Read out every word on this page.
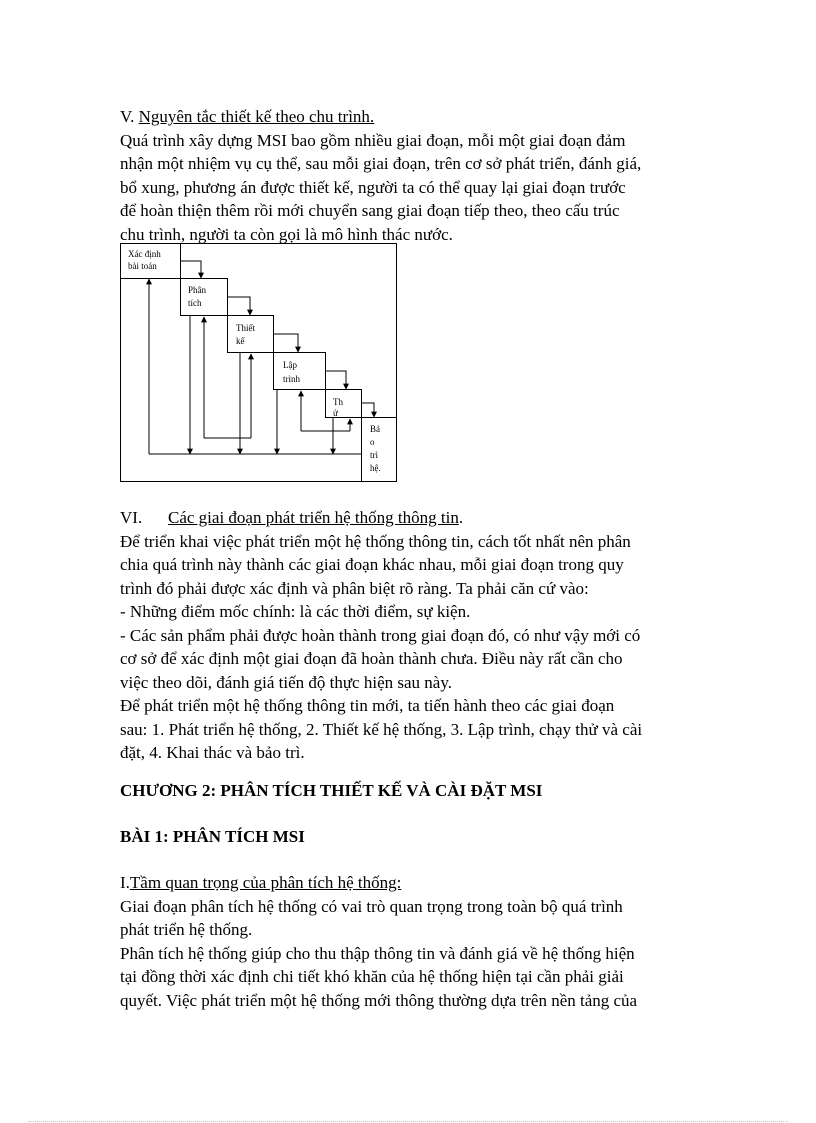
V. Nguyên tắc thiết kế theo chu trình.

Quá trình xây dựng MSI bao gồm nhiều giai đoạn, mỗi một giai đoạn đảm

nhận một nhiệm vụ cụ thể, sau mỗi giai đoạn, trên cơ sở phát triển, đánh giá,

bổ xung, phương án được thiết kế, người ta có thể quay lại giai đoạn trước

để hoàn thiện thêm rồi mới chuyển sang giai đoạn tiếp theo, theo cấu trúc

chu trình, người ta còn gọi là mô hình thác nước.

Xác định
bài toán
Phân
tích
Thiết
kế
Lập
trình
Th
ử
Bả
o
trì
hệ.

VI. Các giai đoạn phát triển hệ thống thông tin.

Để triển khai việc phát triển một hệ thống thông tin, cách tốt nhất nên phân

chia quá trình này thành các giai đoạn khác nhau, mỗi giai đoạn trong quy

trình đó phải được xác định và phân biệt rõ ràng. Ta phải căn cứ vào:

- Những điểm mốc chính: là các thời điểm, sự kiện.

- Các sản phẩm phải được hoàn thành trong giai đoạn đó, có như vậy mới có

cơ sở để xác định một giai đoạn đã hoàn thành chưa. Điều này rất cần cho

việc theo dõi, đánh giá tiến độ thực hiện sau này.

Để phát triển một hệ thống thông tin mới, ta tiến hành theo các giai đoạn

sau: 1. Phát triển hệ thống, 2. Thiết kế hệ thống, 3. Lập trình, chạy thử và cài

đặt, 4. Khai thác và bảo trì.

CHƯƠNG 2: PHÂN TÍCH THIẾT KẾ VÀ CÀI ĐẶT MSI
BÀI 1: PHÂN TÍCH MSI

I.Tầm quan trọng của phân tích hệ thống:

Giai đoạn phân tích hệ thống có vai trò quan trọng trong toàn bộ quá trình

phát triển hệ thống.

Phân tích hệ thống giúp cho thu thập thông tin và đánh giá về hệ thống hiện

tại đồng thời xác định chi tiết khó khăn của hệ thống hiện tại cần phải giải

quyết. Việc phát triển một hệ thống mới thông thường dựa trên nền tảng của
